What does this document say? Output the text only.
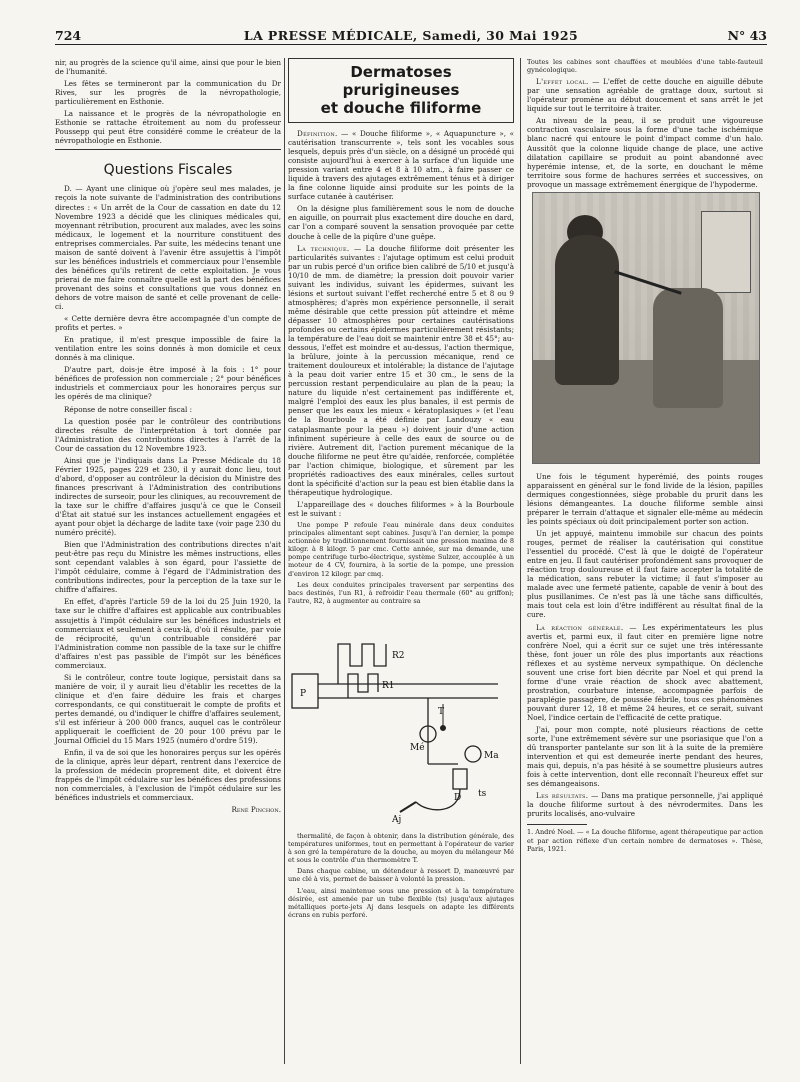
724	LA PRESSE MÉDICALE, Samedi, 30 Mai 1925	N° 43

nir, au progrès de la science qu'il aime, ainsi que pour le bien de l'humanité.

Les fêtes se termineront par la communication du Dr Rives, sur les progrès de la névropathologie, particulièrement en Esthonie.

La naissance et le progrès de la névropathologie en Esthonie se rattache étroitement au nom du professeur Poussepp qui peut être considéré comme le créateur de la névropathologie en Esthonie.

Questions Fiscales

D. — Ayant une clinique où j'opère seul mes malades, je reçois la note suivante de l'administration des contributions directes : « Un arrêt de la Cour de cassation en date du 12 Novembre 1923 a décidé que les cliniques médicales qui, moyennant rétribution, procurent aux malades, avec les soins médicaux, le logement et la nourriture constituent des entreprises commerciales. Par suite, les médecins tenant une maison de santé doivent à l'avenir être assujettis à l'impôt sur les bénéfices industriels et commerciaux pour l'ensemble des bénéfices qu'ils retirent de cette exploitation. Je vous prierai de me faire connaître quelle est la part des bénéfices provenant des soins et consultations que vous donnez en dehors de votre maison de santé et celle provenant de celle-ci.

« Cette dernière devra être accompagnée d'un compte de profits et pertes. »

En pratique, il m'est presque impossible de faire la ventilation entre les soins donnés à mon domicile et ceux donnés à ma clinique.

D'autre part, dois-je être imposé à la fois : 1° pour bénéfices de profession non commerciale ; 2° pour bénéfices industriels et commerciaux pour les honoraires perçus sur les opérés de ma clinique?

Réponse de notre conseiller fiscal :

La question posée par le contrôleur des contributions directes résulte de l'interprétation à tort donnée par l'Administration des contributions directes à l'arrêt de la Cour de cassation du 12 Novembre 1923.

Ainsi que je l'indiquais dans La Presse Médicale du 18 Février 1925, pages 229 et 230, il y aurait donc lieu, tout d'abord, d'opposer au contrôleur la décision du Ministre des finances prescrivant à l'Administration des contributions indirectes de surseoir, pour les cliniques, au recouvrement de la taxe sur le chiffre d'affaires jusqu'à ce que le Conseil d'État ait statué sur les instances actuellement engagées et ayant pour objet la décharge de ladite taxe (voir page 230 du numéro précité).

Bien que l'Administration des contributions directes n'ait peut-être pas reçu du Ministre les mêmes instructions, elles sont cependant valables à son égard, pour l'assiette de l'impôt cédulaire, comme à l'égard de l'Administration des contributions indirectes, pour la perception de la taxe sur le chiffre d'affaires.

En effet, d'après l'article 59 de la loi du 25 Juin 1920, la taxe sur le chiffre d'affaires est applicable aux contribuables assujettis à l'impôt cédulaire sur les bénéfices industriels et commerciaux et seulement à ceux-là, d'où il résulte, par voie de réciprocité, qu'un contribuable considéré par l'Administration comme non passible de la taxe sur le chiffre d'affaires n'est pas passible de l'impôt sur les bénéfices commerciaux.

Si le contrôleur, contre toute logique, persistait dans sa manière de voir, il y aurait lieu d'établir les recettes de la clinique et d'en faire déduire les frais et charges correspondants, ce qui constituerait le compte de profits et pertes demandé, ou d'indiquer le chiffre d'affaires seulement, s'il est inférieur à 200 000 francs, auquel cas le contrôleur appliquerait le coefficient de 20 pour 100 prévu par le Journal Officiel du 15 Mars 1925 (numéro d'ordre 519).

Enfin, il va de soi que les honoraires perçus sur les opérés de la clinique, après leur départ, rentrent dans l'exercice de la profession de médecin proprement dite, et doivent être frappés de l'impôt cédulaire sur les bénéfices des professions non commerciales, à l'exclusion de l'impôt cédulaire sur les bénéfices industriels et commerciaux.

René Pinchon.
Dermatoses prurigineuses
et douche filiforme

Définition. — « Douche filiforme », « Aquapuncture », « cautérisation transcurrente », tels sont les vocables sous lesquels, depuis près d'un siècle, on a désigné un procédé qui consiste aujourd'hui à exercer à la surface d'un liquide une pression variant entre 4 et 8 à 10 atm., à faire passer ce liquide à travers des ajutages extrêmement ténus et à diriger la fine colonne liquide ainsi produite sur les points de la surface cutanée à cautériser.

On la désigne plus familièrement sous le nom de douche en aiguille, on pourrait plus exactement dire douche en dard, car l'on a comparé souvent la sensation provoquée par cette douche à celle de la piqûre d'une guêpe.

La technique. — La douche filiforme doit présenter les particularités suivantes : l'ajutage optimum est celui produit par un rubis percé d'un orifice bien calibré de 5/10 et jusqu'à 10/10 de mm. de diamètre; la pression doit pouvoir varier suivant les individus, suivant les épidermes, suivant les lésions et surtout suivant l'effet recherché entre 5 et 8 ou 9 atmosphères; d'après mon expérience personnelle, il serait même désirable que cette pression pût atteindre et même dépasser 10 atmosphères pour certaines cautérisations profondes ou certains épidermes particulièrement résistants; la température de l'eau doit se maintenir entre 38 et 45°; au-dessous, l'effet est moindre et au-dessus, l'action thermique, la brûlure, jointe à la percussion mécanique, rend ce traitement douloureux et intolérable; la distance de l'ajutage à la peau doit varier entre 15 et 30 cm., le sens de la percussion restant perpendiculaire au plan de la peau; la nature du liquide n'est certainement pas indifférente et, malgré l'emploi des eaux les plus banales, il est permis de penser que les eaux les mieux « kératoplasiques » (et l'eau de la Bourboule a été définie par Landouzy « eau cataplasmante pour la peau ») doivent jouir d'une action infiniment supérieure à celle des eaux de source ou de rivière. Autrement dit, l'action purement mécanique de la douche filiforme ne peut être qu'aidée, renforcée, complétée par l'action chimique, biologique, et sûrement par les propriétés radioactives des eaux minérales, celles surtout dont la spécificité d'action sur la peau est bien établie dans la thérapeutique hydrologique.

L'appareillage des « douches filiformes » à la Bourboule est le suivant :

Une pompe P refoule l'eau minérale dans deux conduites principales alimentant sept cabines. Jusqu'à l'an dernier, la pompe actionnée by traditionnement fournissait une pression maxima de 8 kilogr. à 8 kilogr. 5 par cmc. Cette année, sur ma demande, une pompe centrifuge turbo-électrique, système Sulzer, accouplée à un moteur de 4 CV, fournira, à la sortie de la pompe, une pression d'environ 12 kilogr. par cmq.

Les deux conduites principales traversent par serpentins des bacs destinés, l'un R1, à refroidir l'eau thermale (60° au griffon); l'autre, R2, à augmenter au contraire sa

P
R2
R1
T
Mé
Ma
D ts
Aj

thermalité, de façon à obtenir, dans la distribution générale, des températures uniformes, tout en permettant à l'opérateur de varier à son gré la température de la douche, au moyen du mélangeur Mé et sous le contrôle d'un thermomètre T.

Dans chaque cabine, un détendeur à ressort D, manœuvré par une clé à vis, permet de baisser à volonté la pression.

L'eau, ainsi maintenue sous une pression et à la température désirée, est amenée par un tube flexible (ts) jusqu'aux ajutages métalliques porte-jets Aj dans lesquels on adapte les différents écrans en rubis perforé.

Toutes les cabines sont chauffées et meublées d'une table-fauteuil gynécologique.

L'effet local. — L'effet de cette douche en aiguille débute par une sensation agréable de grattage doux, surtout si l'opérateur promène au début doucement et sans arrêt le jet liquide sur tout le territoire à traiter.

Au niveau de la peau, il se produit une vigoureuse contraction vasculaire sous la forme d'une tache ischémique blanc nacré qui entoure le point d'impact comme d'un halo. Aussitôt que la colonne liquide change de place, une active dilatation capillaire se produit au point abandonné avec hyperémie intense, et, de la sorte, en douchant le même territoire sous forme de hachures serrées et successives, on provoque un massage extrêmement énergique de l'hypoderme.

Une fois le tégument hyperémié, des points rouges apparaissent en général sur le fond livide de la lésion, papilles dermiques congestionnées, siège probable du prurit dans les lésions démangeantes. La douche filiforme semble ainsi préparer le terrain d'attaque et signaler elle-même au médecin les points spéciaux où doit principalement porter son action.

Un jet appuyé, maintenu immobile sur chacun des points rouges, permet de réaliser la cautérisation qui constitue l'essentiel du procédé. C'est là que le doigté de l'opérateur entre en jeu. Il faut cautériser profondément sans provoquer de réaction trop douloureuse et il faut faire accepter la totalité de la médication, sans rebuter la victime; il faut s'imposer au malade avec une fermeté patiente, capable de venir à bout des plus pusillanimes. Ce n'est pas là une tâche sans difficultés, mais tout cela est loin d'être indifférent au résultat final de la cure.

La réaction générale. — Les expérimentateurs les plus avertis et, parmi eux, il faut citer en première ligne notre confrère Noel, qui a écrit sur ce sujet une très intéressante thèse, font jouer un rôle des plus importants aux réactions réflexes et au système nerveux sympathique. On déclenche souvent une crise fort bien décrite par Noel et qui prend la forme d'une vraie réaction de shock avec abattement, prostration, courbature intense, accompagnée parfois de paraplégie passagère, de poussée fébrile, tous ces phénomènes pouvant durer 12, 18 et même 24 heures, et ce serait, suivant Noel, l'indice certain de l'efficacité de cette pratique.

J'ai, pour mon compte, noté plusieurs réactions de cette sorte, l'une extrêmement sévère sur une psoriasique que l'on a dû transporter pantelante sur son lit à la suite de la première intervention et qui est demeurée inerte pendant des heures, mais qui, depuis, n'a pas hésité à se soumettre plusieurs autres fois à cette intervention, dont elle reconnaît l'heureux effet sur ses démangeaisons.

Les résultats. — Dans ma pratique personnelle, j'ai appliqué la douche filiforme surtout à des névrodermites. Dans les prurits localisés, ano-vulvaire

1. André Noel. — « La douche filiforme, agent thérapeutique par action et par action réflexe d'un certain nombre de dermatoses ». Thèse, Paris, 1921.
